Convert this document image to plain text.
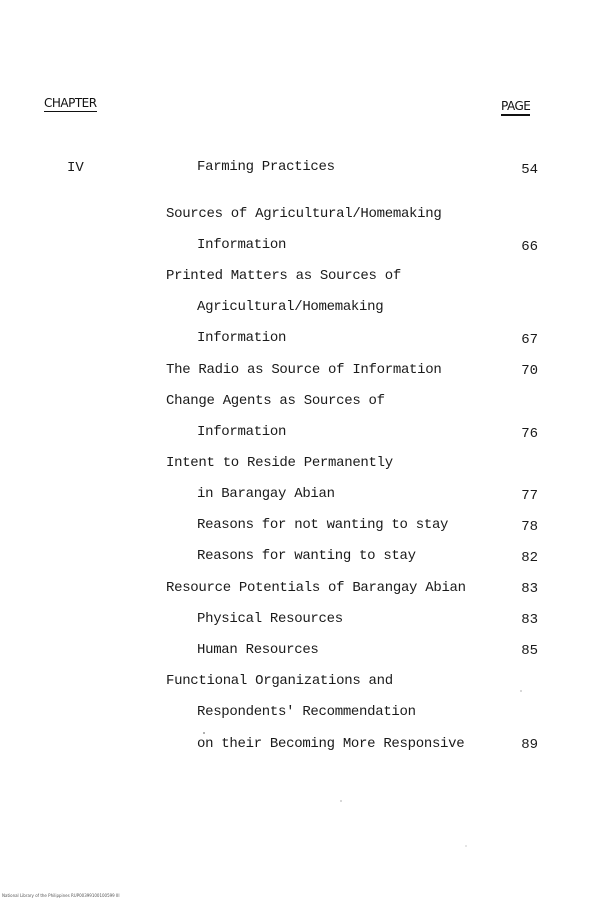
CHAPTER	PAGE
IV	Farming Practices	54
Sources of Agricultural/Homemaking
Information	66
Printed Matters as Sources of
Agricultural/Homemaking
Information	67
The Radio as Source of Information	70
Change Agents as Sources of
Information	76
Intent to Reside Permanently
in Barangay Abian	77
Reasons for not wanting to stay	78
Reasons for wanting to stay	82
Resource Potentials of Barangay Abian	83
Physical Resources	83
Human Resources	85
Functional Organizations and
Respondents' Recommendation
on their Becoming More Responsive	89
National Library of the Philippines RUP00399100100599 III
